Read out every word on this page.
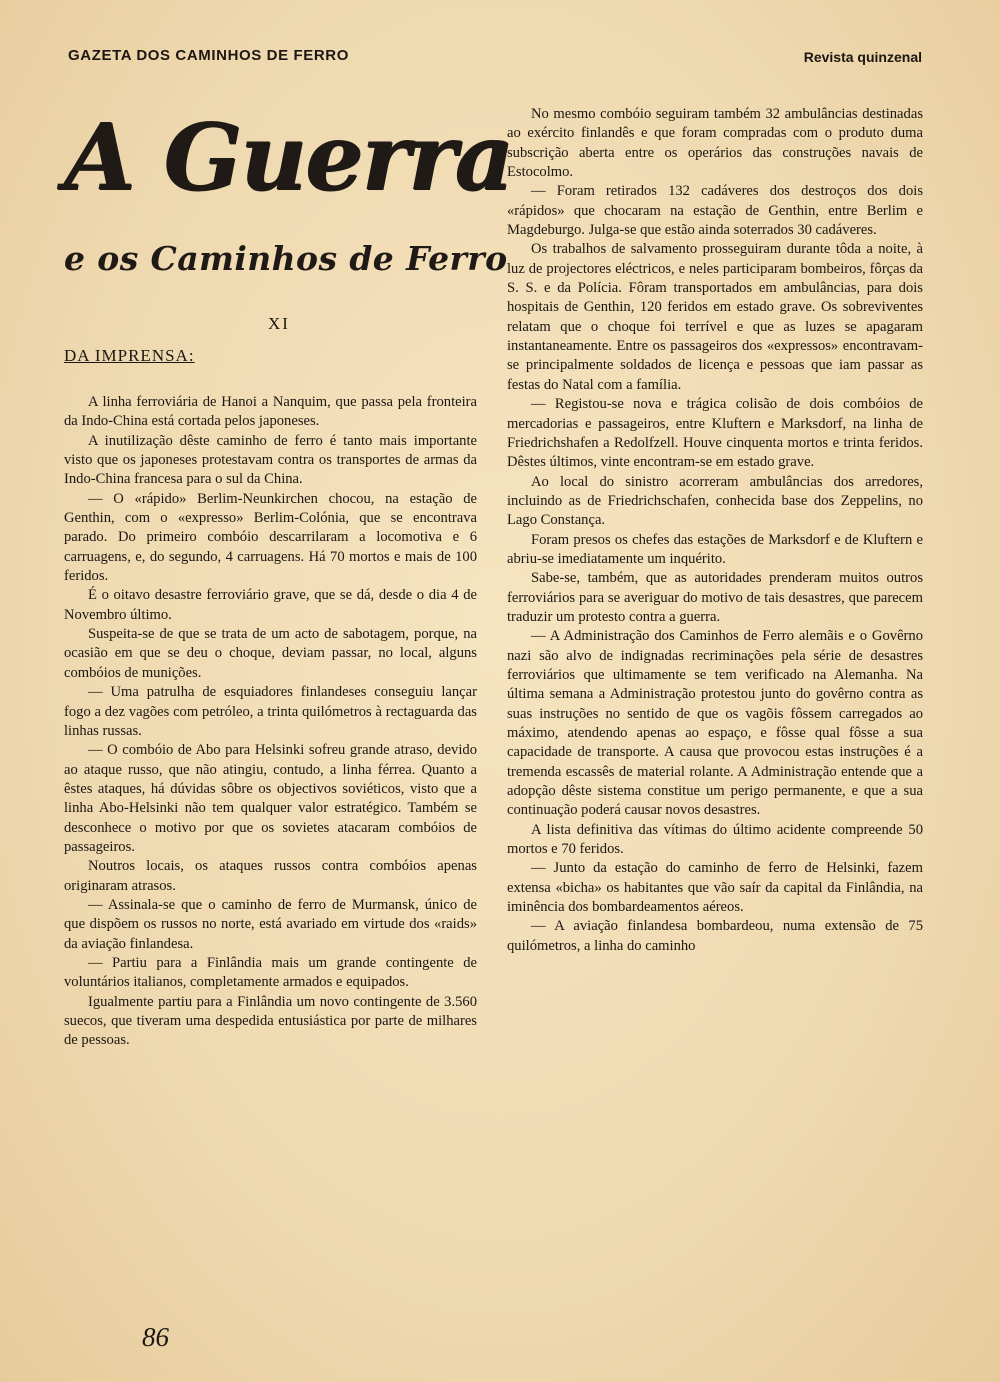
GAZETA DOS CAMINHOS DE FERRO	Revista quinzenal
A Guerra
e os Caminhos de Ferro
XI
DA IMPRENSA:

A linha ferroviária de Hanoi a Nanquim, que passa pela fronteira da Indo-China está cortada pelos japoneses.

A inutilização dêste caminho de ferro é tanto mais importante visto que os japoneses protestavam contra os transportes de armas da Indo-China francesa para o sul da China.

— O «rápido» Berlim-Neunkirchen chocou, na estação de Genthin, com o «expresso» Berlim-Colónia, que se encontrava parado. Do primeiro combóio descarrilaram a locomotiva e 6 carruagens, e, do segundo, 4 carruagens. Há 70 mortos e mais de 100 feridos.

É o oitavo desastre ferroviário grave, que se dá, desde o dia 4 de Novembro último.

Suspeita-se de que se trata de um acto de sabotagem, porque, na ocasião em que se deu o choque, deviam passar, no local, alguns combóios de munições.

— Uma patrulha de esquiadores finlandeses conseguiu lançar fogo a dez vagões com petróleo, a trinta quilómetros à rectaguarda das linhas russas.

— O combóio de Abo para Helsinki sofreu grande atraso, devido ao ataque russo, que não atingiu, contudo, a linha férrea. Quanto a êstes ataques, há dúvidas sôbre os objectivos soviéticos, visto que a linha Abo-Helsinki não tem qualquer valor estratégico. Também se desconhece o motivo por que os sovietes atacaram combóios de passageiros.

Noutros locais, os ataques russos contra combóios apenas originaram atrasos.

— Assinala-se que o caminho de ferro de Murmansk, único de que dispõem os russos no norte, está avariado em virtude dos «raids» da aviação finlandesa.

— Partiu para a Finlândia mais um grande contingente de voluntários italianos, completamente armados e equipados.

Igualmente partiu para a Finlândia um novo contingente de 3.560 suecos, que tiveram uma despedida entusiástica por parte de milhares de pessoas.

No mesmo combóio seguiram também 32 ambulâncias destinadas ao exército finlandês e que foram compradas com o produto duma subscrição aberta entre os operários das construções navais de Estocolmo.

— Foram retirados 132 cadáveres dos destroços dos dois «rápidos» que chocaram na estação de Genthin, entre Berlim e Magdeburgo. Julga-se que estão ainda soterrados 30 cadáveres.

Os trabalhos de salvamento prosseguiram durante tôda a noite, à luz de projectores eléctricos, e neles participaram bombeiros, fôrças da S. S. e da Polícia. Fôram transportados em ambulâncias, para dois hospitais de Genthin, 120 feridos em estado grave. Os sobreviventes relatam que o choque foi terrível e que as luzes se apagaram instantaneamente. Entre os passageiros dos «expressos» encontravam-se principalmente soldados de licença e pessoas que iam passar as festas do Natal com a família.

— Registou-se nova e trágica colisão de dois combóios de mercadorias e passageiros, entre Kluftern e Marksdorf, na linha de Friedrichshafen a Redolfzell. Houve cinquenta mortos e trinta feridos. Dêstes últimos, vinte encontram-se em estado grave.

Ao local do sinistro acorreram ambulâncias dos arredores, incluindo as de Friedrichschafen, conhecida base dos Zeppelins, no Lago Constança.

Foram presos os chefes das estações de Marksdorf e de Kluftern e abriu-se imediatamente um inquérito.

Sabe-se, também, que as autoridades prenderam muitos outros ferroviários para se averiguar do motivo de tais desastres, que parecem traduzir um protesto contra a guerra.

— A Administração dos Caminhos de Ferro alemãis e o Govêrno nazi são alvo de indignadas recriminações pela série de desastres ferroviários que ultimamente se tem verificado na Alemanha. Na última semana a Administração protestou junto do govêrno contra as suas instruções no sentido de que os vagõis fôssem carregados ao máximo, atendendo apenas ao espaço, e fôsse qual fôsse a sua capacidade de transporte. A causa que provocou estas instruções é a tremenda escassês de material rolante. A Administração entende que a adopção dêste sistema constitue um perigo permanente, e que a sua continuação poderá causar novos desastres.

A lista definitiva das vítimas do último acidente compreende 50 mortos e 70 feridos.

— Junto da estação do caminho de ferro de Helsinki, fazem extensa «bicha» os habitantes que vão saír da capital da Finlândia, na iminência dos bombardeamentos aéreos.

— A aviação finlandesa bombardeou, numa extensão de 75 quilómetros, a linha do caminho

86
